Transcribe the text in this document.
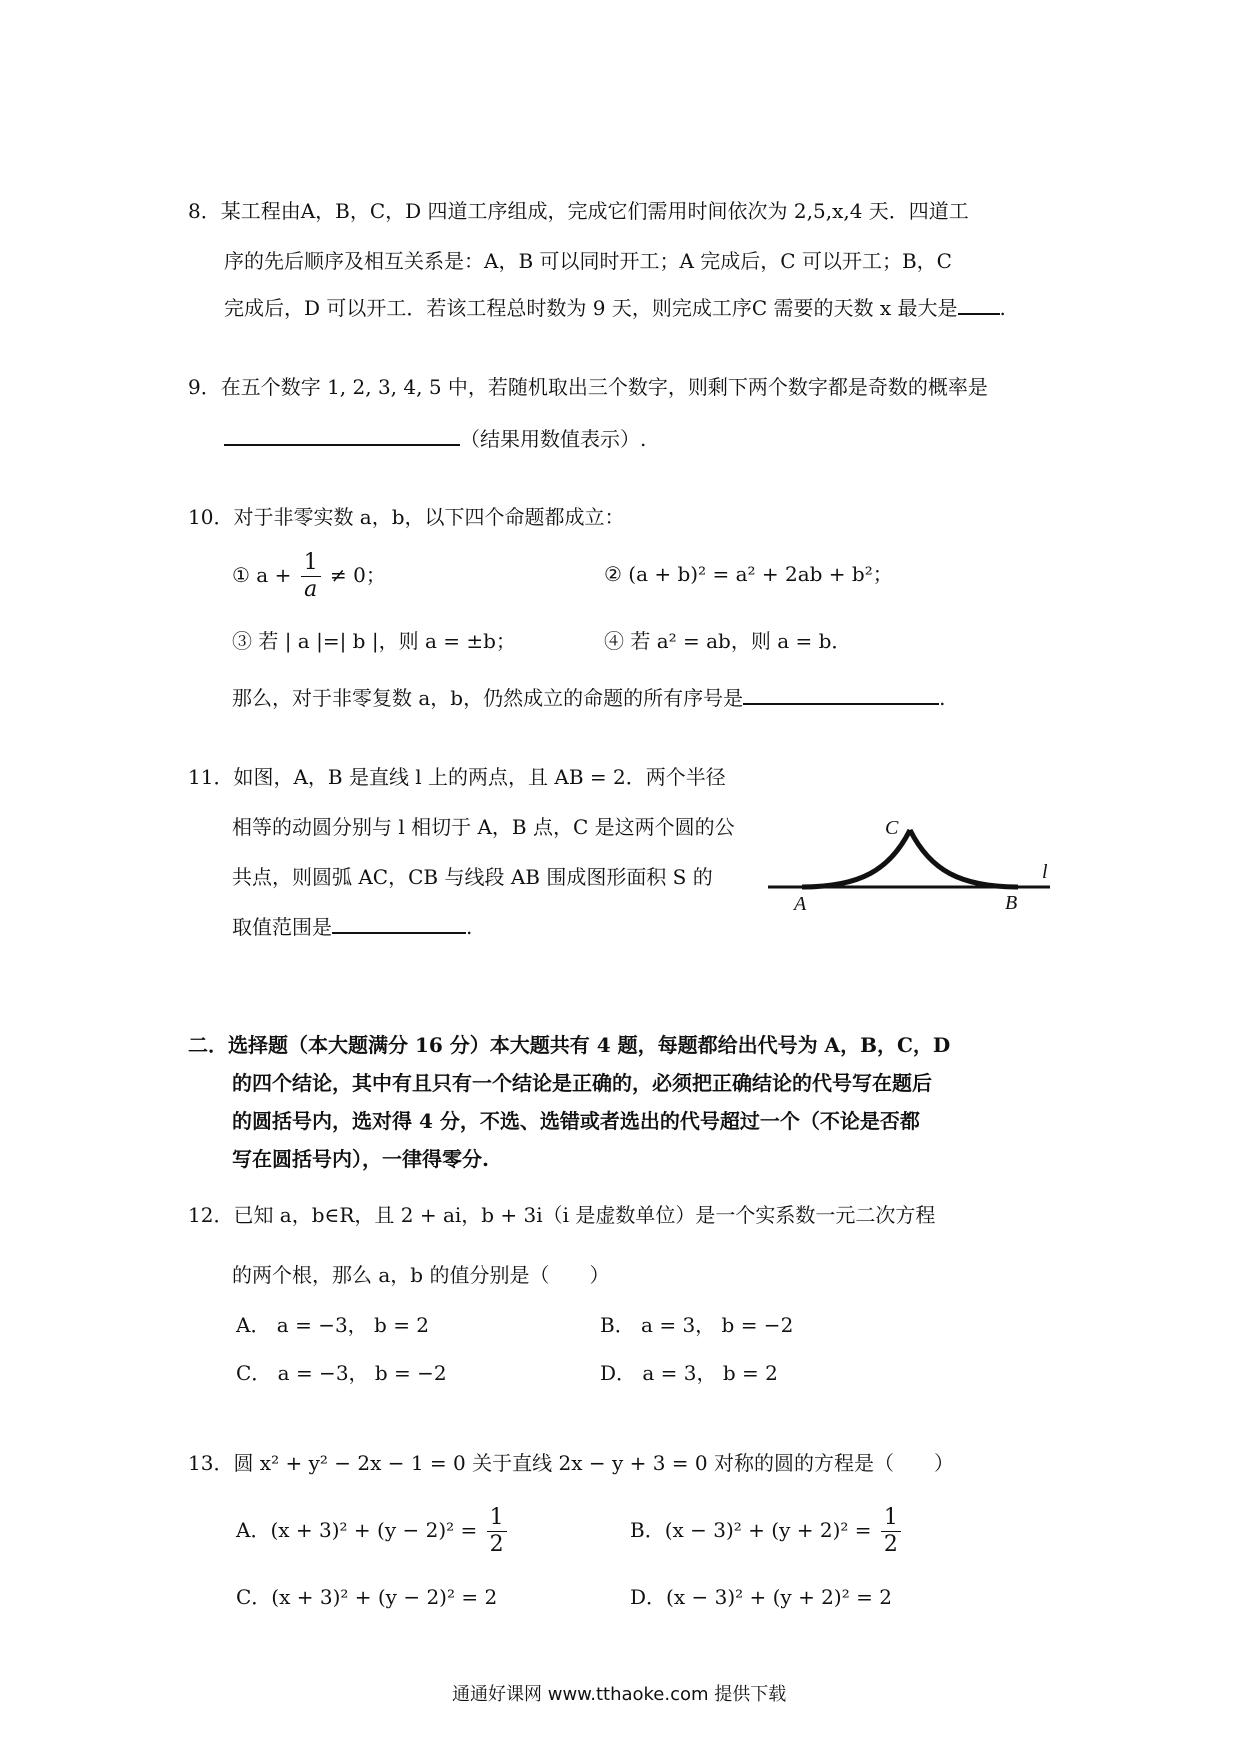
8．某工程由A，B，C，D 四道工序组成，完成它们需用时间依次为 2,5,x,4 天．四道工
序的先后顺序及相互关系是：A，B 可以同时开工；A 完成后，C 可以开工；B，C
完成后，D 可以开工．若该工程总时数为 9 天，则完成工序C 需要的天数 x 最大是 .
9．在五个数字 1, 2, 3, 4, 5 中，若随机取出三个数字，则剩下两个数字都是奇数的概率是
（结果用数值表示）.
10．对于非零实数 a，b，以下四个命题都成立：
① $a + \frac{1}{a} \ne 0$；	② (a + b)² = a² + 2ab + b²；
③ 若 | a |=| b |，则 a = ±b；	④ 若 a² = ab，则 a = b．
那么，对于非零复数 a，b，仍然成立的命题的所有序号是	.
11．如图，A，B 是直线 l 上的两点，且 AB = 2．两个半径
相等的动圆分别与 l 相切于 A，B 点，C 是这两个圆的公
共点，则圆弧 AC，CB 与线段 AB 围成图形面积 S 的
取值范围是	.
A	B
C
l
二．选择题（本大题满分 16 分）本大题共有 4 题，每题都给出代号为 A，B，C，D
的四个结论，其中有且只有一个结论是正确的，必须把正确结论的代号写在题后
的圆括号内，选对得 4 分，不选、选错或者选出的代号超过一个（不论是否都
写在圆括号内），一律得零分.
12．已知 a，b∈R，且 2 + ai，b + 3i（i 是虚数单位）是一个实系数一元二次方程
的两个根，那么 a，b 的值分别是（　　）
A． a = −3， b = 2	B． a = 3， b = −2
C． a = −3， b = −2	D． a = 3， b = 2
13．圆 x² + y² − 2x − 1 = 0 关于直线 2x − y + 3 = 0 对称的圆的方程是（　　）
A．$(x + 3)^2 + (y - 2)^2 = \frac{1}{2}$	B．$(x - 3)^2 + (y + 2)^2 = \frac{1}{2}$
C．(x + 3)² + (y − 2)² = 2	D．(x − 3)² + (y + 2)² = 2
通通好课网 www.tthaoke.com 提供下载
